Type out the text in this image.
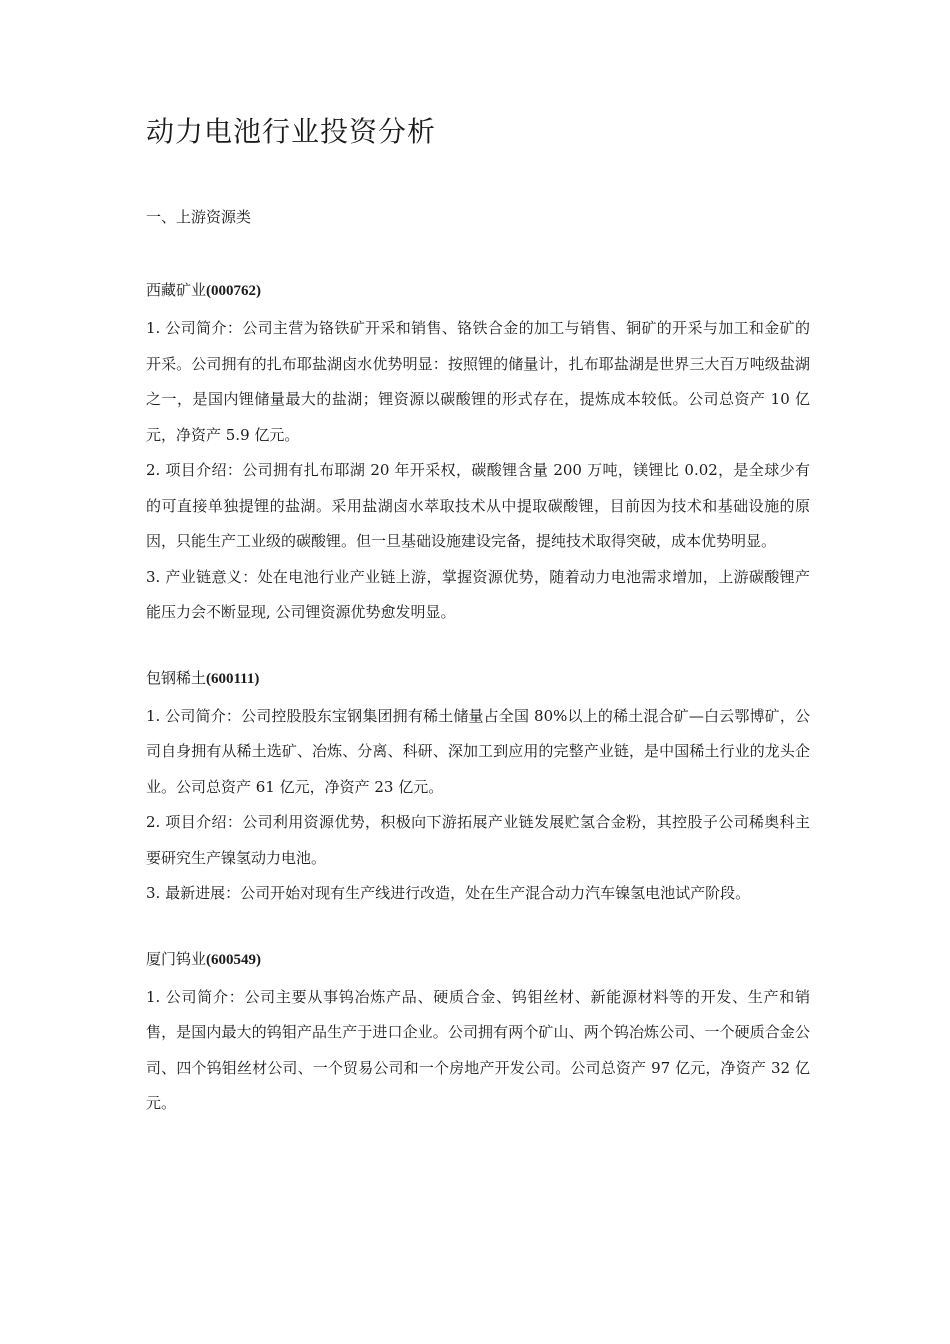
动力电池行业投资分析
一、上游资源类
西藏矿业(000762)

1. 公司简介：公司主营为铬铁矿开采和销售、铬铁合金的加工与销售、铜矿的开采与加工和金矿的开采。公司拥有的扎布耶盐湖卤水优势明显：按照锂的储量计，扎布耶盐湖是世界三大百万吨级盐湖之一，是国内锂储量最大的盐湖；锂资源以碳酸锂的形式存在，提炼成本较低。公司总资产 10 亿元，净资产 5.9 亿元。

2. 项目介绍：公司拥有扎布耶湖 20 年开采权，碳酸锂含量 200 万吨，镁锂比 0.02，是全球少有的可直接单独提锂的盐湖。采用盐湖卤水萃取技术从中提取碳酸锂，目前因为技术和基础设施的原因，只能生产工业级的碳酸锂。但一旦基础设施建设完备，提纯技术取得突破，成本优势明显。

3. 产业链意义：处在电池行业产业链上游，掌握资源优势，随着动力电池需求增加，上游碳酸锂产能压力会不断显现, 公司锂资源优势愈发明显。

包钢稀土(600111)

1. 公司简介：公司控股股东宝钢集团拥有稀土储量占全国 80%以上的稀土混合矿—白云鄂博矿，公司自身拥有从稀土选矿、冶炼、分离、科研、深加工到应用的完整产业链，是中国稀土行业的龙头企业。公司总资产 61 亿元，净资产 23 亿元。

2. 项目介绍：公司利用资源优势，积极向下游拓展产业链发展贮氢合金粉，其控股子公司稀奥科主要研究生产镍氢动力电池。

3. 最新进展：公司开始对现有生产线进行改造，处在生产混合动力汽车镍氢电池试产阶段。

厦门钨业(600549)

1. 公司简介：公司主要从事钨冶炼产品、硬质合金、钨钼丝材、新能源材料等的开发、生产和销售，是国内最大的钨钼产品生产于进口企业。公司拥有两个矿山、两个钨冶炼公司、一个硬质合金公司、四个钨钼丝材公司、一个贸易公司和一个房地产开发公司。公司总资产 97 亿元，净资产 32 亿元。
